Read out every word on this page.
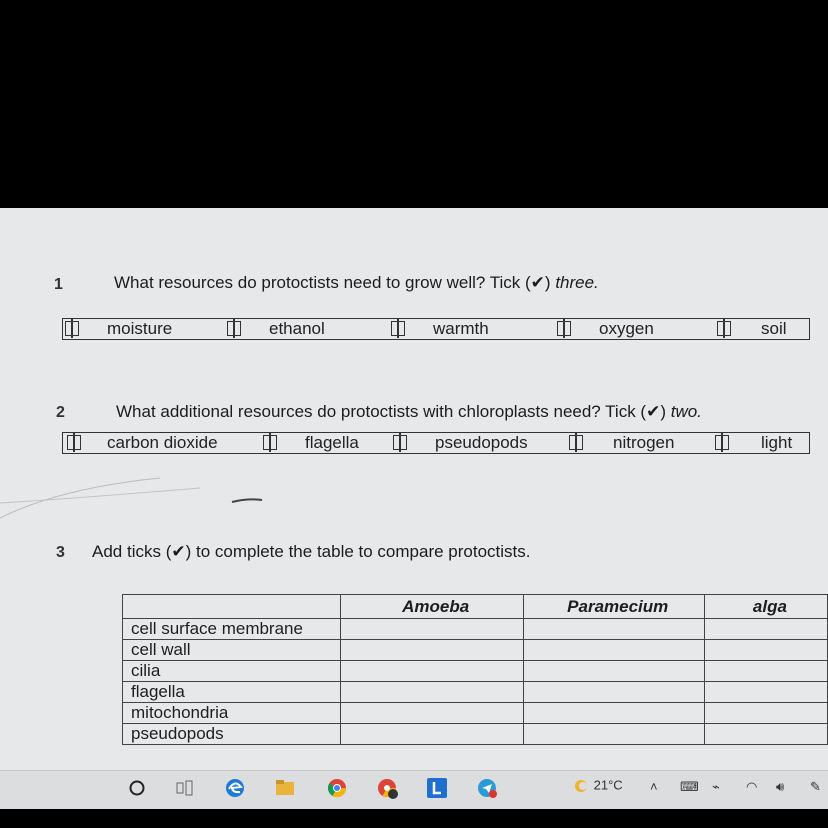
1	What resources do protoctists need to grow well? Tick (✔) three.
moisture	ethanol	warmth	oxygen	soil
2	What additional resources do protoctists with chloroplasts need? Tick (✔) two.
carbon dioxide	flagella	pseudopods	nitrogen	light
3 Add ticks (✔) to complete the table to compare protoctists.
	Amoeba	Paramecium	alga
cell surface membrane			
cell wall			
cilia			
flagella			
mitochondria			
pseudopods			
21°C ˄ ⌨ ⌁ ◠ 🔊︎ ✎
